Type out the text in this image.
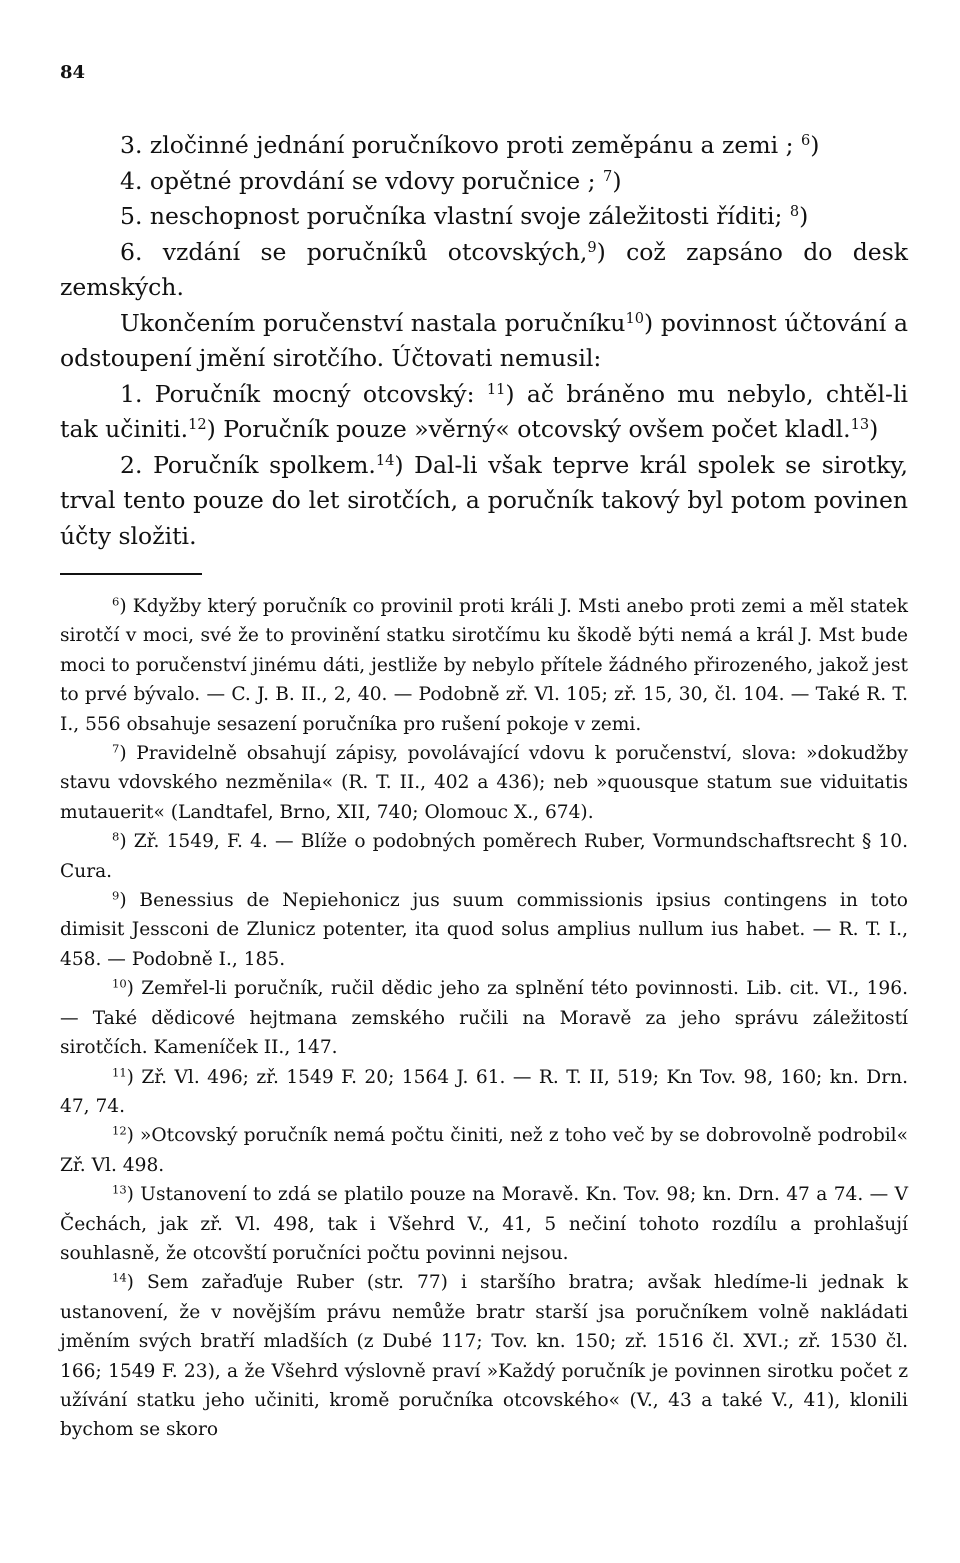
84

3. zločinné jednání poručníkovo proti zeměpánu a zemi ; $^6$)

4. opětné provdání se vdovy poručnice ; $^7$)

5. neschopnost poručníka vlastní svoje záležitosti říditi; $^8$)

6. vzdání se poručníků otcovských,$^9$) což zapsáno do desk zemských.

Ukončením poručenství nastala poručníku$^{10}$) povinnost účtování a odstoupení jmění sirotčího. Účtovati nemusil:

1. Poručník mocný otcovský: $^{11}$) ač bráněno mu nebylo, chtěl-li tak učiniti.$^{12}$) Poručník pouze »věrný« otcovský ovšem počet kladl.$^{13}$)

2. Poručník spolkem.$^{14}$) Dal-li však teprve král spolek se sirotky, trval tento pouze do let sirotčích, a poručník takový byl potom povinen účty složiti.

$^6$) Kdyžby který poručník co provinil proti králi J. Msti anebo proti zemi a měl statek sirotčí v moci, své že to provinění statku sirotčímu ku škodě býti nemá a král J. Mst bude moci to poručenství jinému dáti, jestliže by nebylo přítele žádného přirozeného, jakož jest to prvé bývalo. — C. J. B. II., 2, 40. — Podobně zř. Vl. 105; zř. 15, 30, čl. 104. — Také R. T. I., 556 obsahuje sesazení poručníka pro rušení pokoje v zemi.

$^7$) Pravidelně obsahují zápisy, povolávající vdovu k poručenství, slova: »dokudžby stavu vdovského nezměnila« (R. T. II., 402 a 436); neb »quousque statum sue viduitatis mutauerit« (Landtafel, Brno, XII, 740; Olomouc X., 674).

$^8$) Zř. 1549, F. 4. — Blíže o podobných poměrech Ruber, Vormundschaftsrecht § 10. Cura.

$^9$) Benessius de Nepiehonicz jus suum commissionis ipsius contingens in toto dimisit Jessconi de Zlunicz potenter, ita quod solus amplius nullum ius habet. — R. T. I., 458. — Podobně I., 185.

$^{10}$) Zemřel-li poručník, ručil dědic jeho za splnění této povinnosti. Lib. cit. VI., 196. — Také dědicové hejtmana zemského ručili na Moravě za jeho správu záležitostí sirotčích. Kameníček II., 147.

$^{11}$) Zř. Vl. 496; zř. 1549 F. 20; 1564 J. 61. — R. T. II, 519; Kn Tov. 98, 160; kn. Drn. 47, 74.

$^{12}$) »Otcovský poručník nemá počtu činiti, než z toho več by se dobrovolně podrobil« Zř. Vl. 498.

$^{13}$) Ustanovení to zdá se platilo pouze na Moravě. Kn. Tov. 98; kn. Drn. 47 a 74. — V Čechách, jak zř. Vl. 498, tak i Všehrd V., 41, 5 nečiní tohoto rozdílu a prohlašují souhlasně, že otcovští poručníci počtu povinni nejsou.

$^{14}$) Sem zařaďuje Ruber (str. 77) i staršího bratra; avšak hledíme-li jednak k ustanovení, že v novějším právu nemůže bratr starší jsa poručníkem volně nakládati jměním svých bratří mladších (z Dubé 117; Tov. kn. 150; zř. 1516 čl. XVI.; zř. 1530 čl. 166; 1549 F. 23), a že Všehrd výslovně praví »Každý poručník je povinnen sirotku počet z užívání statku jeho učiniti, kromě poručníka otcovského« (V., 43 a také V., 41), klonili bychom se skoro
